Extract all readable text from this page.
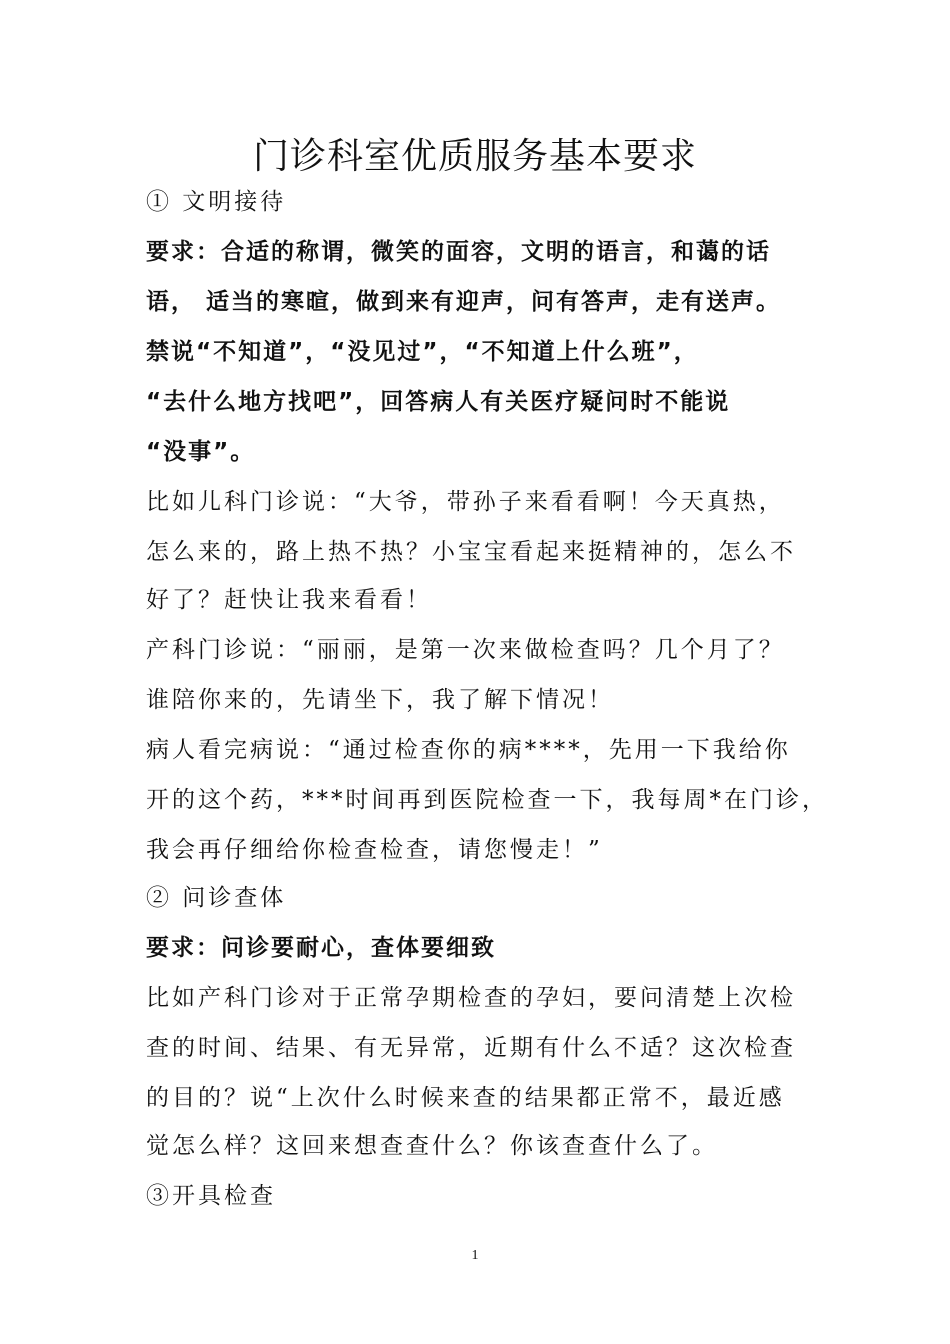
门诊科室优质服务基本要求
① 文明接待
要求：合适的称谓，微笑的面容，文明的语言，和蔼的话
语， 适当的寒暄，做到来有迎声，问有答声，走有送声。
禁说“不知道”，“没见过”，“不知道上什么班”，
“去什么地方找吧”，回答病人有关医疗疑问时不能说
“没事”。
比如儿科门诊说：“大爷，带孙子来看看啊！今天真热，
怎么来的，路上热不热？小宝宝看起来挺精神的，怎么不
好了？赶快让我来看看！
产科门诊说：“丽丽，是第一次来做检查吗？几个月了？
谁陪你来的，先请坐下，我了解下情况！
病人看完病说：“通过检查你的病****，先用一下我给你
开的这个药，***时间再到医院检查一下，我每周*在门诊，
我会再仔细给你检查检查，请您慢走！”
② 问诊查体
要求：问诊要耐心，查体要细致
比如产科门诊对于正常孕期检查的孕妇，要问清楚上次检
查的时间、结果、有无异常，近期有什么不适？这次检查
的目的？说“上次什么时候来查的结果都正常不，最近感
觉怎么样？这回来想查查什么？你该查查什么了。
③开具检查
1
